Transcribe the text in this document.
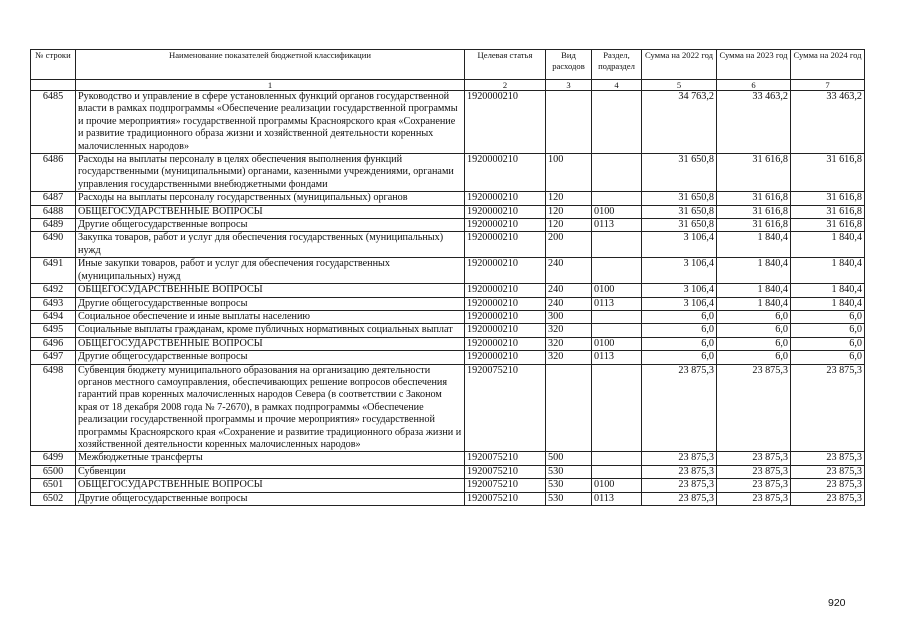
№ строки	Наименование показателей бюджетной классификации	Целевая статья	Вид расходов	Раздел, подраздел	Сумма на 2022 год	Сумма на 2023 год	Сумма на 2024 год
	1	2	3	4	5	6	7
6485	Руководство и управление в сфере установленных функций органов государственной власти в рамках подпрограммы «Обеспечение реализации государственной программы и прочие мероприятия» государственной программы Красноярского края «Сохранение и развитие традиционного образа жизни и хозяйственной деятельности коренных малочисленных народов»	1920000210			34 763,2	33 463,2	33 463,2
6486	Расходы на выплаты персоналу в целях обеспечения выполнения функций государственными (муниципальными) органами, казенными учреждениями, органами управления государственными внебюджетными фондами	1920000210	100		31 650,8	31 616,8	31 616,8
6487	Расходы на выплаты персоналу государственных (муниципальных) органов	1920000210	120		31 650,8	31 616,8	31 616,8
6488	ОБЩЕГОСУДАРСТВЕННЫЕ ВОПРОСЫ	1920000210	120	0100	31 650,8	31 616,8	31 616,8
6489	Другие общегосударственные вопросы	1920000210	120	0113	31 650,8	31 616,8	31 616,8
6490	Закупка товаров, работ и услуг для обеспечения государственных (муниципальных) нужд	1920000210	200		3 106,4	1 840,4	1 840,4
6491	Иные закупки товаров, работ и услуг для обеспечения государственных (муниципальных) нужд	1920000210	240		3 106,4	1 840,4	1 840,4
6492	ОБЩЕГОСУДАРСТВЕННЫЕ ВОПРОСЫ	1920000210	240	0100	3 106,4	1 840,4	1 840,4
6493	Другие общегосударственные вопросы	1920000210	240	0113	3 106,4	1 840,4	1 840,4
6494	Социальное обеспечение и иные выплаты населению	1920000210	300		6,0	6,0	6,0
6495	Социальные выплаты гражданам, кроме публичных нормативных социальных выплат	1920000210	320		6,0	6,0	6,0
6496	ОБЩЕГОСУДАРСТВЕННЫЕ ВОПРОСЫ	1920000210	320	0100	6,0	6,0	6,0
6497	Другие общегосударственные вопросы	1920000210	320	0113	6,0	6,0	6,0
6498	Субвенция бюджету муниципального образования на организацию деятельности органов местного самоуправления, обеспечивающих решение вопросов обеспечения гарантий прав коренных малочисленных народов Севера (в соответствии с Законом края от 18 декабря 2008 года № 7-2670), в рамках подпрограммы «Обеспечение реализации государственной программы и прочие мероприятия» государственной программы Красноярского края «Сохранение и развитие традиционного образа жизни и хозяйственной деятельности коренных малочисленных народов»	1920075210			23 875,3	23 875,3	23 875,3
6499	Межбюджетные трансферты	1920075210	500		23 875,3	23 875,3	23 875,3
6500	Субвенции	1920075210	530		23 875,3	23 875,3	23 875,3
6501	ОБЩЕГОСУДАРСТВЕННЫЕ ВОПРОСЫ	1920075210	530	0100	23 875,3	23 875,3	23 875,3
6502	Другие общегосударственные вопросы	1920075210	530	0113	23 875,3	23 875,3	23 875,3
920
